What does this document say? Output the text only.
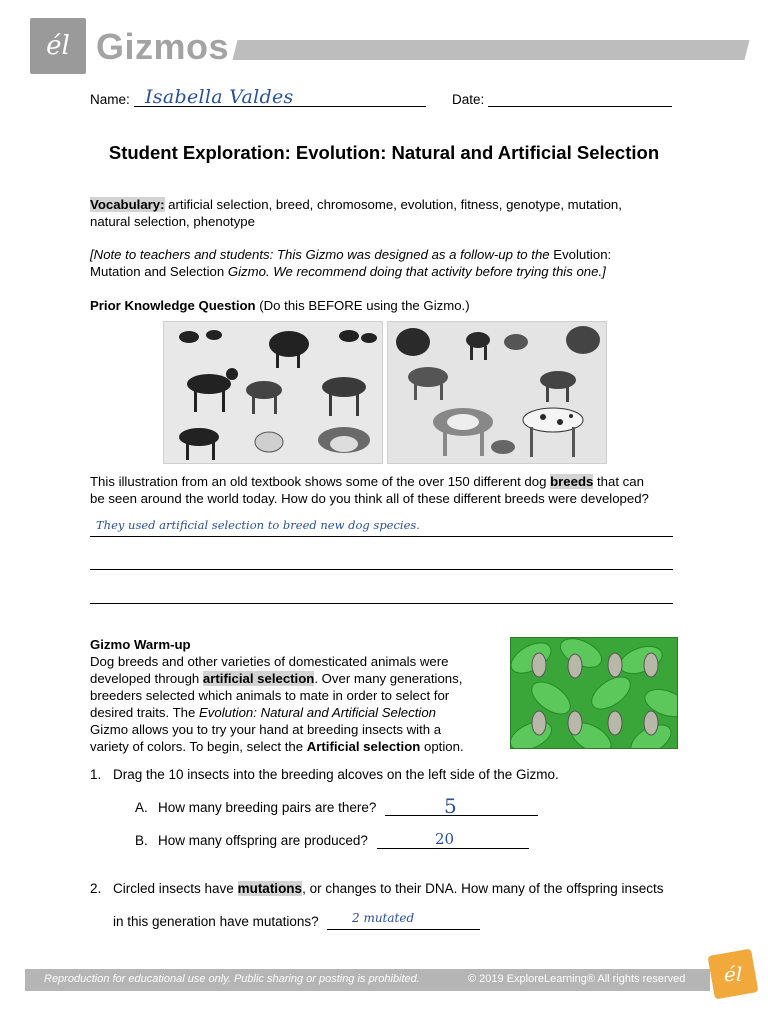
él Gizmos
Name: Isabella Valdes	Date:
Student Exploration: Evolution: Natural and Artificial Selection
Vocabulary: artificial selection, breed, chromosome, evolution, fitness, genotype, mutation,
natural selection, phenotype
[Note to teachers and students: This Gizmo was designed as a follow-up to the Evolution:
Mutation and Selection Gizmo. We recommend doing that activity before trying this one.]
Prior Knowledge Question (Do this BEFORE using the Gizmo.)
This illustration from an old textbook shows some of the over 150 different dog breeds that can
be seen around the world today. How do you think all of these different breeds were developed?
They used artificial selection to breed new dog species.
Gizmo Warm-up
Dog breeds and other varieties of domesticated animals were
developed through artificial selection. Over many generations,
breeders selected which animals to mate in order to select for
desired traits. The Evolution: Natural and Artificial Selection
Gizmo allows you to try your hand at breeding insects with a
variety of colors. To begin, select the Artificial selection option.
1. Drag the 10 insects into the breeding alcoves on the left side of the Gizmo.
A. How many breeding pairs are there?	5
B. How many offspring are produced?	20
2. Circled insects have mutations, or changes to their DNA. How many of the offspring insects
in this generation have mutations?	2 mutated
Reproduction for educational use only. Public sharing or posting is prohibited.	© 2019 ExploreLearning® All rights reserved él
